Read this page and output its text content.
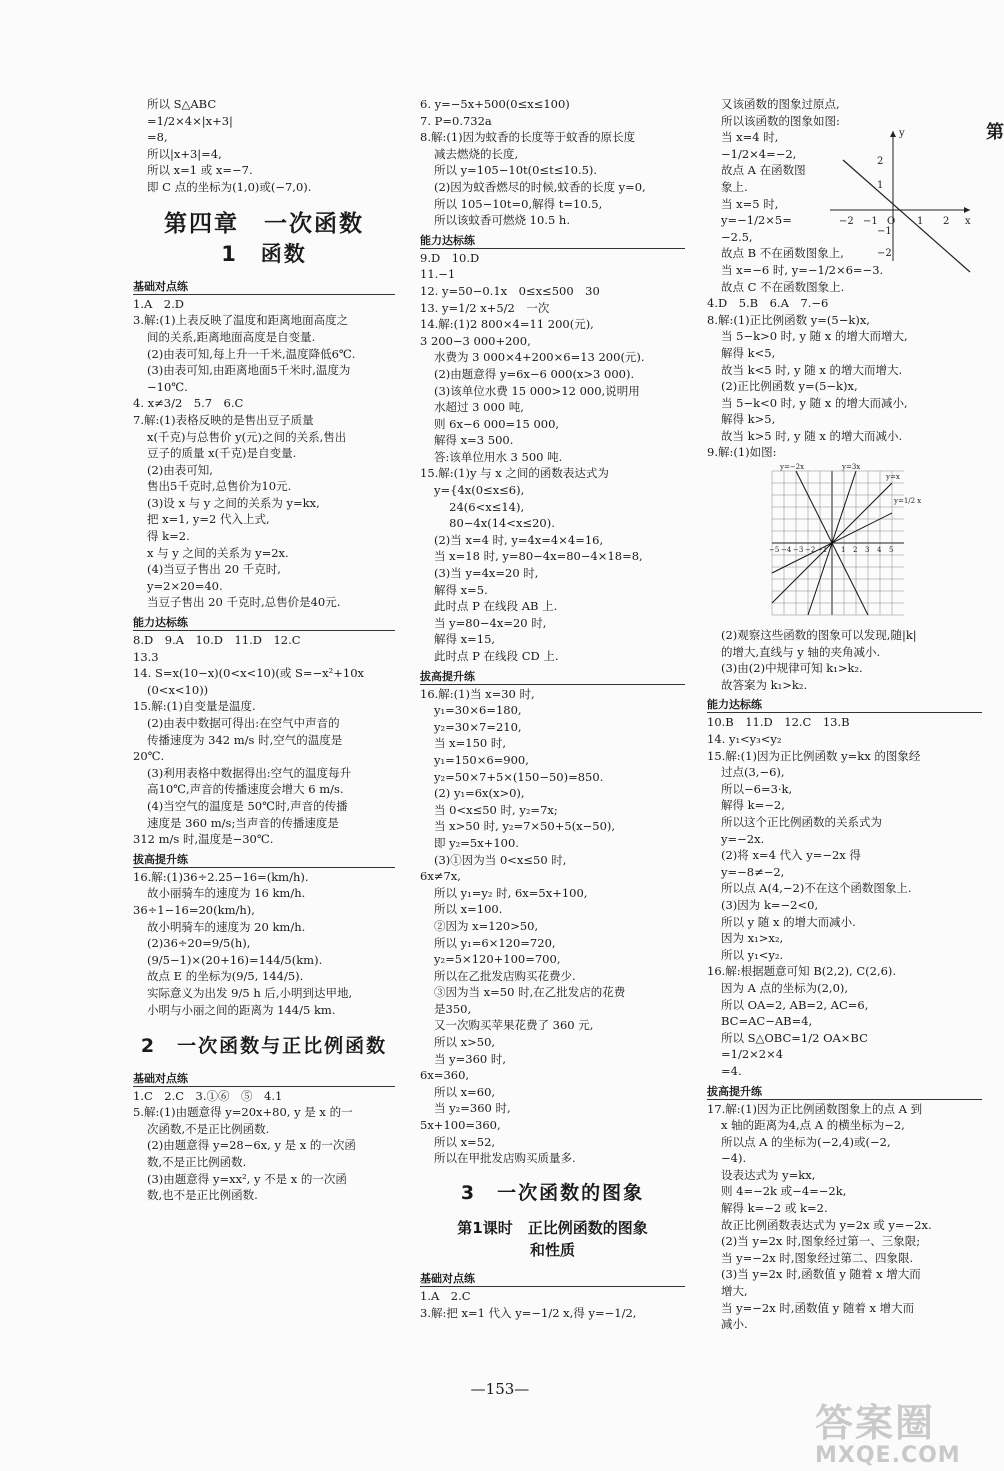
所以 S△ABC
=1/2×4×|x+3|
=8,
所以|x+3|=4,
所以 x=1 或 x=−7.
即 C 点的坐标为(1,0)或(−7,0).
第四章　一次函数
1　函数
基础对点练
1.A　2.D
3.解:(1)上表反映了温度和距离地面高度之
间的关系,距离地面高度是自变量.
(2)由表可知,每上升一千米,温度降低6℃.
(3)由表可知,由距离地面5千米时,温度为
−10℃.
4. x≠3/2　5.7　6.C
7.解:(1)表格反映的是售出豆子质量
x(千克)与总售价 y(元)之间的关系,售出
豆子的质量 x(千克)是自变量.
(2)由表可知,
售出5千克时,总售价为10元.
(3)设 x 与 y 之间的关系为 y=kx,
把 x=1, y=2 代入上式,
得 k=2.
x 与 y 之间的关系为 y=2x.
(4)当豆子售出 20 千克时,
y=2×20=40.
当豆子售出 20 千克时,总售价是40元.
能力达标练
8.D　9.A　10.D　11.D　12.C
13.3
14. S=x(10−x)(0<x<10)(或 S=−x²+10x
(0<x<10))
15.解:(1)自变量是温度.
(2)由表中数据可得出:在空气中声音的
传播速度为 342 m/s 时,空气的温度是
20℃.
(3)利用表格中数据得出:空气的温度每升
高10℃,声音的传播速度会增大 6 m/s.
(4)当空气的温度是 50℃时,声音的传播
速度是 360 m/s;当声音的传播速度是
312 m/s 时,温度是−30℃.
拔高提升练
16.解:(1)36÷2.25−16=(km/h).
故小丽骑车的速度为 16 km/h.
36÷1−16=20(km/h),
故小明骑车的速度为 20 km/h.
(2)36÷20=9/5(h),
(9/5−1)×(20+16)=144/5(km).
故点 E 的坐标为(9/5, 144/5).
实际意义为出发 9/5 h 后,小明到达甲地,
小明与小丽之间的距离为 144/5 km.
2　一次函数与正比例函数
基础对点练
1.C　2.C　3.①⑥　⑤　4.1
5.解:(1)由题意得 y=20x+80, y 是 x 的一
次函数,不是正比例函数.
(2)由题意得 y=28−6x, y 是 x 的一次函
数,不是正比例函数.
(3)由题意得 y=xx², y 不是 x 的一次函
数,也不是正比例函数.
6. y=−5x+500(0≤x≤100)
7. P=0.732a
8.解:(1)因为蚊香的长度等于蚊香的原长度
减去燃烧的长度,
所以 y=105−10t(0≤t≤10.5).
(2)因为蚊香燃尽的时候,蚊香的长度 y=0,
所以 105−10t=0,解得 t=10.5,
所以该蚊香可燃烧 10.5 h.
能力达标练
9.D　10.D
11.−1
12. y=50−0.1x　0≤x≤500　30
13. y=1/2 x+5/2　一次
14.解:(1)2 800×4=11 200(元),
3 200−3 000+200,
水费为 3 000×4+200×6=13 200(元).
(2)由题意得 y=6x−6 000(x>3 000).
(3)该单位水费 15 000>12 000,说明用
水超过 3 000 吨,
则 6x−6 000=15 000,
解得 x=3 500.
答:该单位用水 3 500 吨.
15.解:(1)y 与 x 之间的函数表达式为
y={4x(0≤x≤6),
　 24(6<x≤14),
　 80−4x(14<x≤20).
(2)当 x=4 时, y=4x=4×4=16,
当 x=18 时, y=80−4x=80−4×18=8,
(3)当 y=4x=20 时,
解得 x=5.
此时点 P 在线段 AB 上.
当 y=80−4x=20 时,
解得 x=15,
此时点 P 在线段 CD 上.
拔高提升练
16.解:(1)当 x=30 时,
y₁=30×6=180,
y₂=30×7=210,
当 x=150 时,
y₁=150×6=900,
y₂=50×7+5×(150−50)=850.
(2) y₁=6x(x>0),
当 0<x≤50 时, y₂=7x;
当 x>50 时, y₂=7×50+5(x−50),
即 y₂=5x+100.
(3)①因为当 0<x≤50 时,
6x≠7x,
所以 y₁=y₂ 时, 6x=5x+100,
所以 x=100.
②因为 x=120>50,
所以 y₁=6×120=720,
y₂=5×120+100=700,
所以在乙批发店购买花费少.
③因为当 x=50 时,在乙批发店的花费
是350,
又一次购买苹果花费了 360 元,
所以 x>50,
当 y=360 时,
6x=360,
所以 x=60,
当 y₂=360 时,
5x+100=360,
所以 x=52,
所以在甲批发店购买质量多.
3　一次函数的图象
第1课时　正比例函数的图象
和性质
基础对点练
1.A　2.C
3.解:把 x=1 代入 y=−1/2 x,得 y=−1/2,
又该函数的图象过原点,
所以该函数的图象如图:
当 x=4 时,
−1/2×4=−2,
故点 A 在函数图
象上.
当 x=5 时,
y=−1/2×5=
−2.5,
故点 B 不在函数图象上,
当 x=−6 时, y=−1/2×6=−3.
故点 C 不在函数图象上.
−2 −1 O 1 2 x
2
1
−1
−2
y
4.D　5.B　6.A　7.−6
8.解:(1)正比例函数 y=(5−k)x,
当 5−k>0 时, y 随 x 的增大而增大,
解得 k<5,
故当 k<5 时, y 随 x 的增大而增大.
(2)正比例函数 y=(5−k)x,
当 5−k<0 时, y 随 x 的增大而减小,
解得 k>5,
故当 k>5 时, y 随 x 的增大而减小.
9.解:(1)如图:
y=−2x	y=3x
y=x
y=1/2 x
−5 −4 −3 −2 −1 1 2 3 4 5
(2)观察这些函数的图象可以发现,随|k|
的增大,直线与 y 轴的夹角减小.
(3)由(2)中规律可知 k₁>k₂.
故答案为 k₁>k₂.
能力达标练
10.B　11.D　12.C　13.B
14. y₁<y₃<y₂
15.解:(1)因为正比例函数 y=kx 的图象经
过点(3,−6),
所以−6=3·k,
解得 k=−2,
所以这个正比例函数的关系式为
y=−2x.
(2)将 x=4 代入 y=−2x 得
y=−8≠−2,
所以点 A(4,−2)不在这个函数图象上.
(3)因为 k=−2<0,
所以 y 随 x 的增大而减小.
因为 x₁>x₂,
所以 y₁<y₂.
16.解:根据题意可知 B(2,2), C(2,6).
因为 A 点的坐标为(2,0),
所以 OA=2, AB=2, AC=6,
BC=AC−AB=4,
所以 S△OBC=1/2 OA×BC
=1/2×2×4
=4.
拔高提升练
17.解:(1)因为正比例函数图象上的点 A 到
x 轴的距离为4,点 A 的横坐标为−2,
所以点 A 的坐标为(−2,4)或(−2,
−4).
设表达式为 y=kx,
则 4=−2k 或−4=−2k,
解得 k=−2 或 k=2.
故正比例函数表达式为 y=2x 或 y=−2x.
(2)当 y=2x 时,图象经过第一、三象限;
当 y=−2x 时,图象经过第二、四象限.
(3)当 y=2x 时,函数值 y 随着 x 增大而
增大,
当 y=−2x 时,函数值 y 随着 x 增大而
减小.
—153—
第
答案圈
MXQE.COM
